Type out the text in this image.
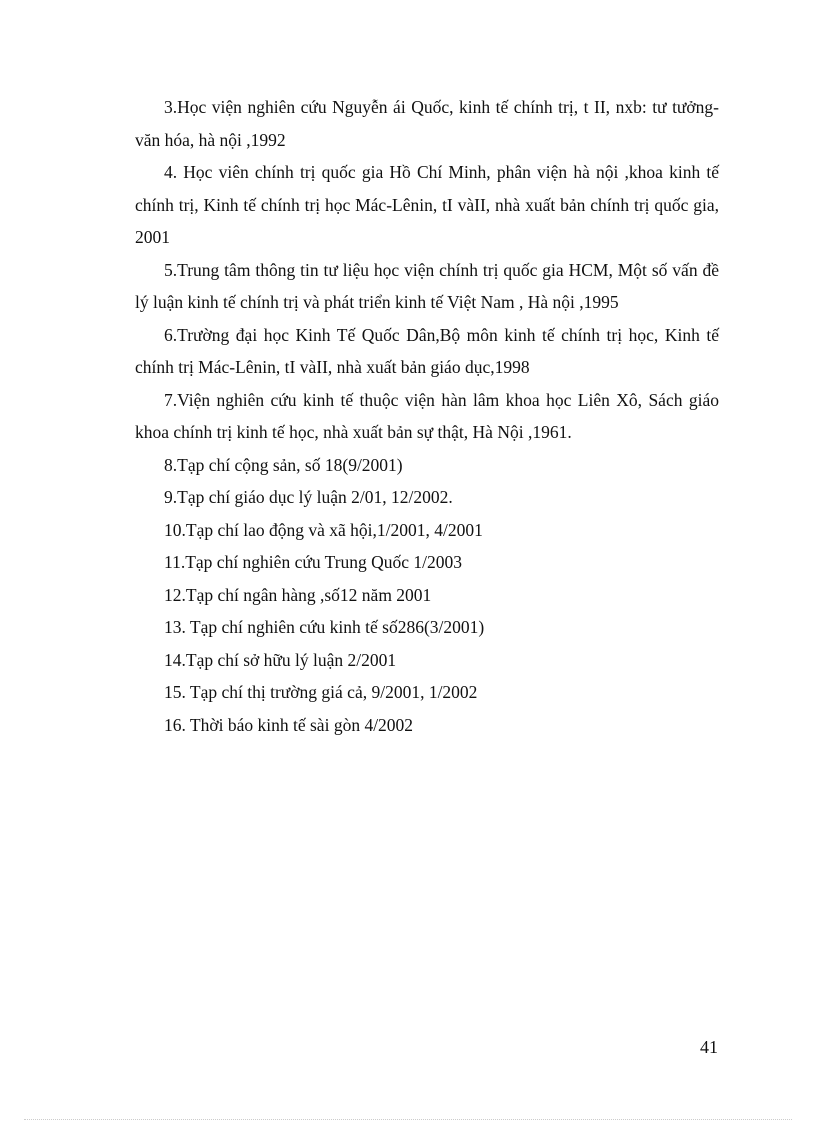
3.Học viện nghiên cứu Nguyễn ái Quốc, kinh tế chính trị, t II, nxb: tư tưởng- văn hóa, hà nội ,1992

4. Học viên chính trị quốc gia Hồ Chí Minh, phân viện hà nội ,khoa kinh tế chính trị, Kinh tế chính trị học Mác-Lênin, tI vàII, nhà xuất bản chính trị quốc gia, 2001

5.Trung tâm thông tin tư liệu học viện chính trị quốc gia HCM, Một số vấn đề lý luận kinh tế chính trị và phát triển kinh tế Việt Nam , Hà nội ,1995

6.Trường đại học Kinh Tế Quốc Dân,Bộ môn kinh tế chính trị học, Kinh tế chính trị Mác-Lênin, tI vàII, nhà xuất bản giáo dục,1998

7.Viện nghiên cứu kinh tế thuộc viện hàn lâm khoa học Liên Xô, Sách giáo khoa chính trị kinh tế học, nhà xuất bản sự thật, Hà Nội ,1961.

8.Tạp chí cộng sản, số 18(9/2001)

9.Tạp chí giáo dục lý luận 2/01, 12/2002.

10.Tạp chí lao động và xã hội,1/2001, 4/2001

11.Tạp chí nghiên cứu Trung Quốc 1/2003

12.Tạp chí ngân hàng ,số12 năm 2001

13. Tạp chí nghiên cứu kinh tế số286(3/2001)

14.Tạp chí sở hữu lý luận 2/2001

15. Tạp chí thị trường giá cả, 9/2001, 1/2002

16. Thời báo kinh tế sài gòn 4/2002

41
